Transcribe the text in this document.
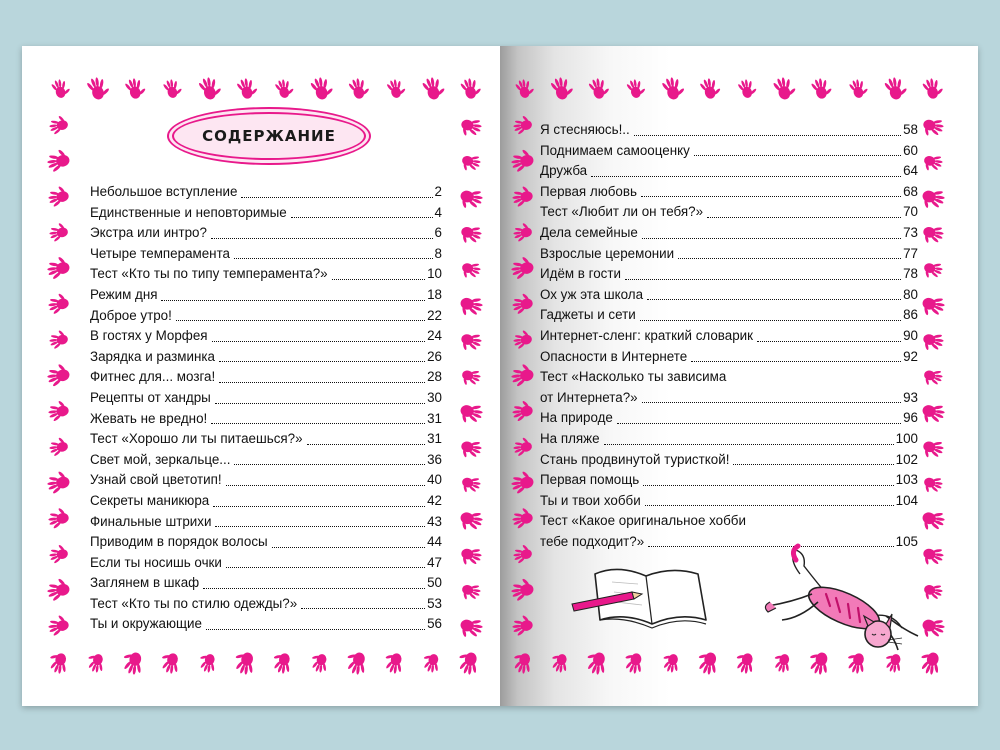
СОДЕРЖАНИЕ
Небольшое вступление	2
Единственные и неповторимые	4
Экстра или интро?	6
Четыре темперамента	8
Тест «Кто ты по типу темперамента?»	10
Режим дня	18
Доброе утро!	22
В гостях у Морфея	24
Зарядка и разминка	26
Фитнес для... мозга!	28
Рецепты от хандры	30
Жевать не вредно!	31
Тест «Хорошо ли ты питаешься?»	31
Свет мой, зеркальце...	36
Узнай свой цветотип!	40
Секреты маникюра	42
Финальные штрихи	43
Приводим в порядок волосы	44
Если ты носишь очки	47
Заглянем в шкаф	50
Тест «Кто ты по стилю одежды?»	53
Ты и окружающие	56
Я стесняюсь!..	58
Поднимаем самооценку	60
Дружба	64
Первая любовь	68
Тест «Любит ли он тебя?»	70
Дела семейные	73
Взрослые церемонии	77
Идём в гости	78
Ох уж эта школа	80
Гаджеты и сети	86
Интернет-сленг: краткий словарик	90
Опасности в Интернете	92
Тест «Насколько ты зависима
от Интернета?»	93
На природе	96
На пляже	100
Стань продвинутой туристкой!	102
Первая помощь	103
Ты и твои хобби	104
Тест «Какое оригинальное хобби
тебе подходит?»	105
